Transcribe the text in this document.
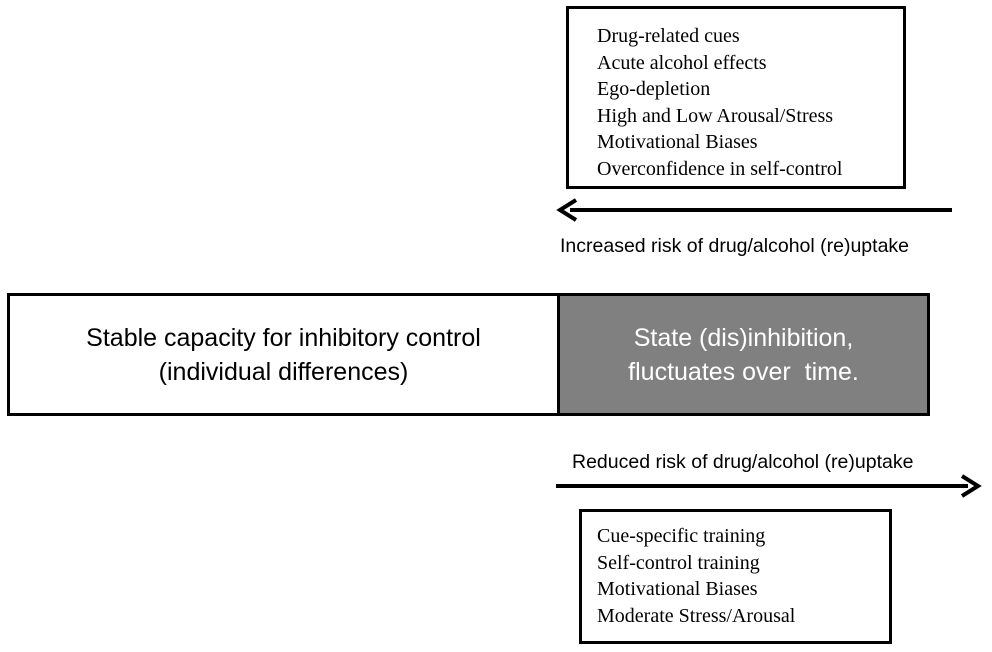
Drug-related cues
Acute alcohol effects
Ego-depletion
High and Low Arousal/Stress
Motivational Biases
Overconfidence in self-control
Increased risk of drug/alcohol (re)uptake
Stable capacity for inhibitory control
(individual differences)
State (dis)inhibition,
fluctuates over  time.
Reduced risk of drug/alcohol (re)uptake
Cue-specific training
Self-control training
Motivational Biases
Moderate Stress/Arousal
